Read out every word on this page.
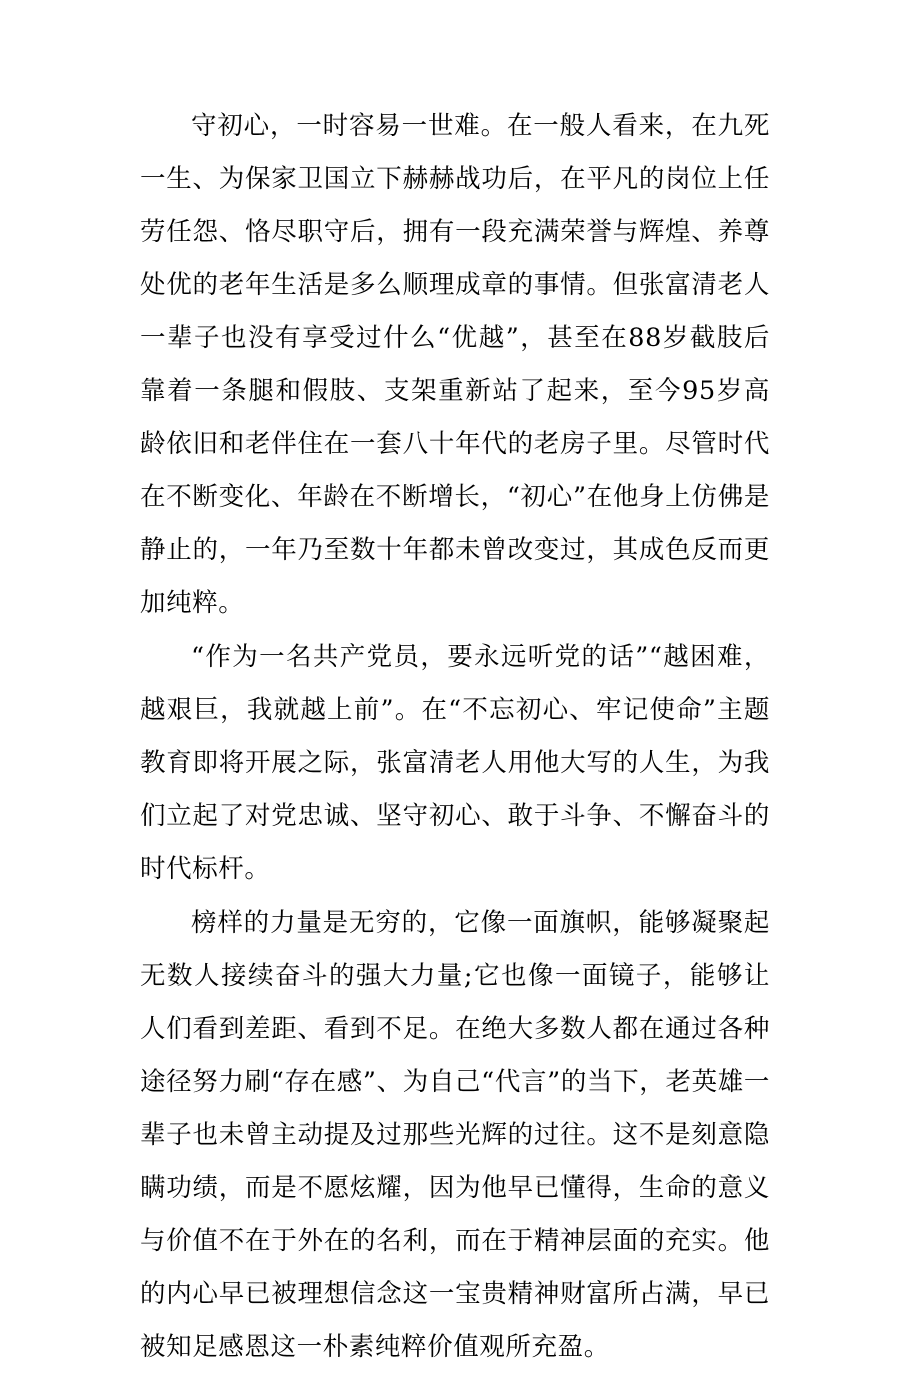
守初心，一时容易一世难。在一般人看来，在九死一生、为保家卫国立下赫赫战功后，在平凡的岗位上任劳任怨、恪尽职守后，拥有一段充满荣誉与辉煌、养尊处优的老年生活是多么顺理成章的事情。但张富清老人一辈子也没有享受过什么“优越”，甚至在88岁截肢后靠着一条腿和假肢、支架重新站了起来，至今95岁高龄依旧和老伴住在一套八十年代的老房子里。尽管时代在不断变化、年龄在不断增长，“初心”在他身上仿佛是静止的，一年乃至数十年都未曾改变过，其成色反而更加纯粹。

“作为一名共产党员，要永远听党的话”“越困难，越艰巨，我就越上前”。在“不忘初心、牢记使命”主题教育即将开展之际，张富清老人用他大写的人生，为我们立起了对党忠诚、坚守初心、敢于斗争、不懈奋斗的时代标杆。

榜样的力量是无穷的，它像一面旗帜，能够凝聚起无数人接续奋斗的强大力量;它也像一面镜子，能够让人们看到差距、看到不足。在绝大多数人都在通过各种途径努力刷“存在感”、为自己“代言”的当下，老英雄一辈子也未曾主动提及过那些光辉的过往。这不是刻意隐瞒功绩，而是不愿炫耀，因为他早已懂得，生命的意义与价值不在于外在的名利，而在于精神层面的充实。他的内心早已被理想信念这一宝贵精神财富所占满，早已被知足感恩这一朴素纯粹价值观所充盈。
